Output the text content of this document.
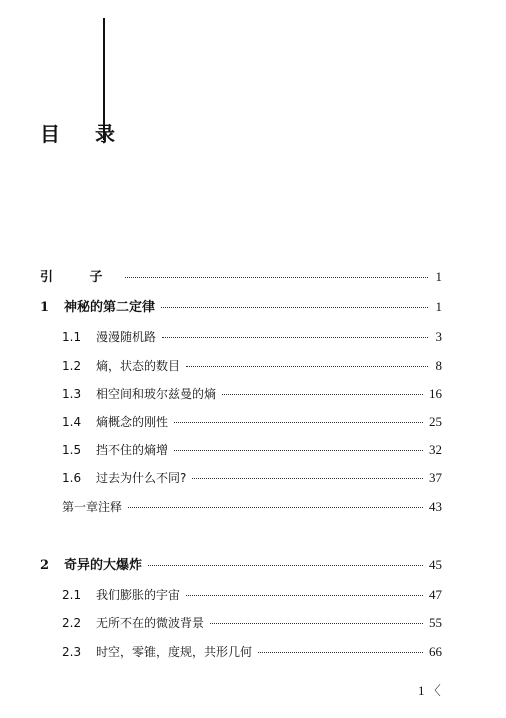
目 录
引 子	1
1	神秘的第二定律	1
1.1	漫漫随机路	3
1.2	熵，状态的数目	8
1.3	相空间和玻尔兹曼的熵	16
1.4	熵概念的刚性	25
1.5	挡不住的熵增	32
1.6	过去为什么不同?	37
第一章注释	43
2	奇异的大爆炸	45
2.1	我们膨胀的宇宙	47
2.2	无所不在的微波背景	55
2.3	时空，零锥，度规，共形几何	66
1 〈
